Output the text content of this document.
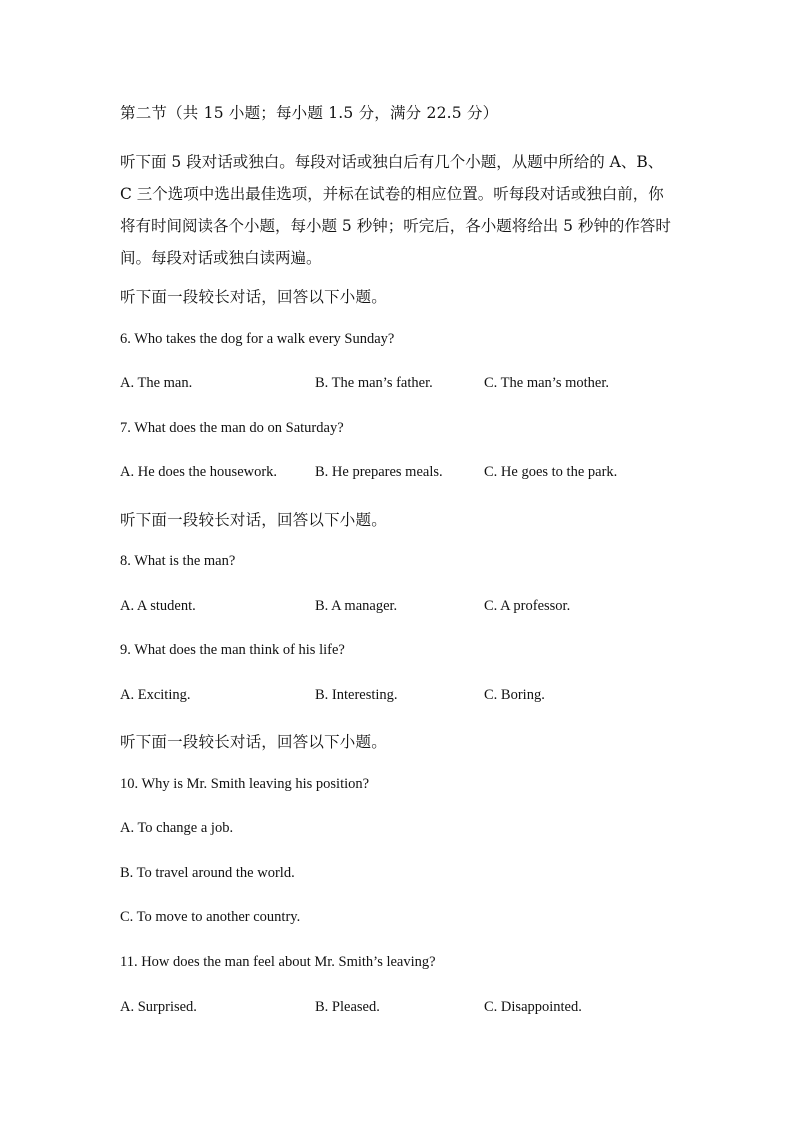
第二节（共 15 小题；每小题 1.5 分，满分 22.5 分）

听下面 5 段对话或独白。每段对话或独白后有几个小题，从题中所给的 A、B、
C 三个选项中选出最佳选项，并标在试卷的相应位置。听每段对话或独白前，你
将有时间阅读各个小题，每小题 5 秒钟；听完后，各小题将给出 5 秒钟的作答时
间。每段对话或独白读两遍。

听下面一段较长对话，回答以下小题。

6. Who takes the dog for a walk every Sunday?

A. The man.	B. The man’s father.	C. The man’s mother.

7. What does the man do on Saturday?

A. He does the housework.	B. He prepares meals.	C. He goes to the park.

听下面一段较长对话，回答以下小题。

8. What is the man?

A. A student.	B. A manager.	C. A professor.

9. What does the man think of his life?

A. Exciting.	B. Interesting.	C. Boring.

听下面一段较长对话，回答以下小题。

10. Why is Mr. Smith leaving his position?

A. To change a job.
B. To travel around the world.
C. To move to another country.

11. How does the man feel about Mr. Smith’s leaving?

A. Surprised.	B. Pleased.	C. Disappointed.
